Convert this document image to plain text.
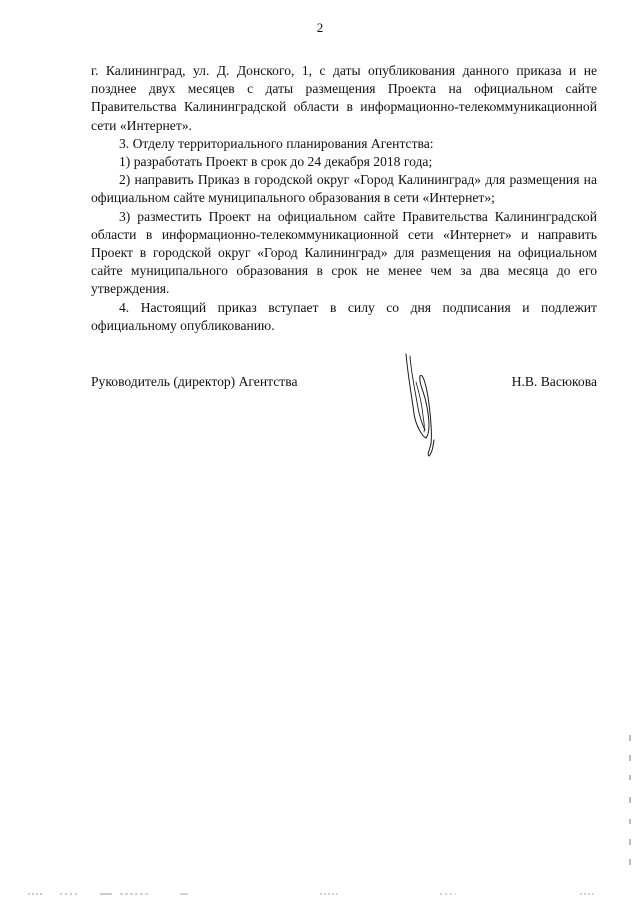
2

г. Калининград, ул. Д. Донского, 1, с даты опубликования данного приказа и не позднее двух месяцев с даты размещения Проекта на официальном сайте Правительства Калининградской области в информационно-телекоммуникационной сети «Интернет».

3. Отделу территориального планирования Агентства:

1) разработать Проект в срок до 24 декабря 2018 года;

2) направить Приказ в городской округ «Город Калининград» для размещения на официальном сайте муниципального образования в сети «Интернет»;

3) разместить Проект на официальном сайте Правительства Калининградской области в информационно-телекоммуникационной сети «Интернет» и направить Проект в городской округ «Город Калининград» для размещения на официальном сайте муниципального образования в срок не менее чем за два месяца до его утверждения.

4. Настоящий приказ вступает в силу со дня подписания и подлежит официальному опубликованию.

Руководитель (директор) Агентства	Н.В. Васюкова
